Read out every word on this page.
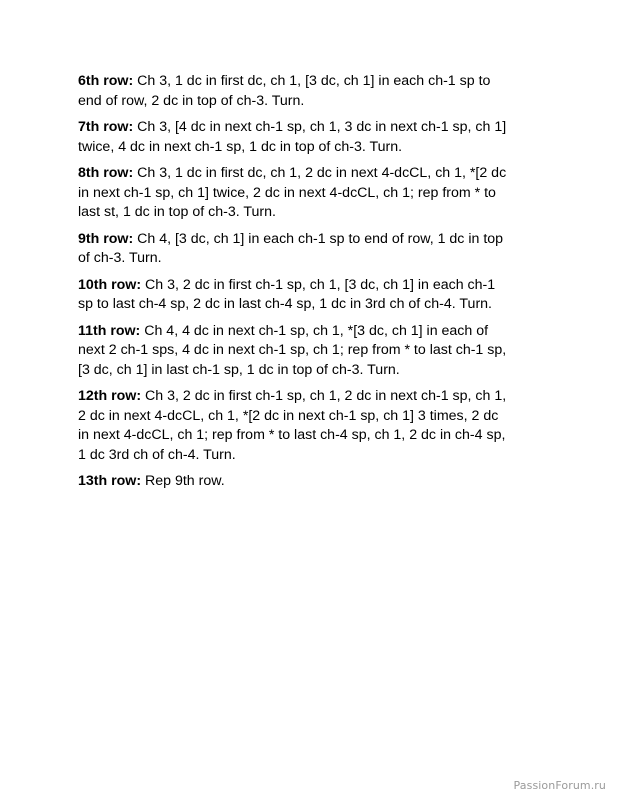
6th row: Ch 3, 1 dc in first dc, ch 1, [3 dc, ch 1] in each ch-1 sp to
end of row, 2 dc in top of ch-3. Turn.

7th row: Ch 3, [4 dc in next ch-1 sp, ch 1, 3 dc in next ch-1 sp, ch 1]
twice, 4 dc in next ch-1 sp, 1 dc in top of ch-3. Turn.

8th row: Ch 3, 1 dc in first dc, ch 1, 2 dc in next 4-dcCL, ch 1, *[2 dc
in next ch-1 sp, ch 1] twice, 2 dc in next 4-dcCL, ch 1; rep from * to
last st, 1 dc in top of ch-3. Turn.

9th row: Ch 4, [3 dc, ch 1] in each ch-1 sp to end of row, 1 dc in top
of ch-3. Turn.

10th row: Ch 3, 2 dc in first ch-1 sp, ch 1, [3 dc, ch 1] in each ch-1
sp to last ch-4 sp, 2 dc in last ch-4 sp, 1 dc in 3rd ch of ch-4. Turn.

11th row: Ch 4, 4 dc in next ch-1 sp, ch 1, *[3 dc, ch 1] in each of
next 2 ch-1 sps, 4 dc in next ch-1 sp, ch 1; rep from * to last ch-1 sp,
[3 dc, ch 1] in last ch-1 sp, 1 dc in top of ch-3. Turn.

12th row: Ch 3, 2 dc in first ch-1 sp, ch 1, 2 dc in next ch-1 sp, ch 1,
2 dc in next 4-dcCL, ch 1, *[2 dc in next ch-1 sp, ch 1] 3 times, 2 dc
in next 4-dcCL, ch 1; rep from * to last ch-4 sp, ch 1, 2 dc in ch-4 sp,
1 dc 3rd ch of ch-4. Turn.

13th row: Rep 9th row.

PassionForum.ru
